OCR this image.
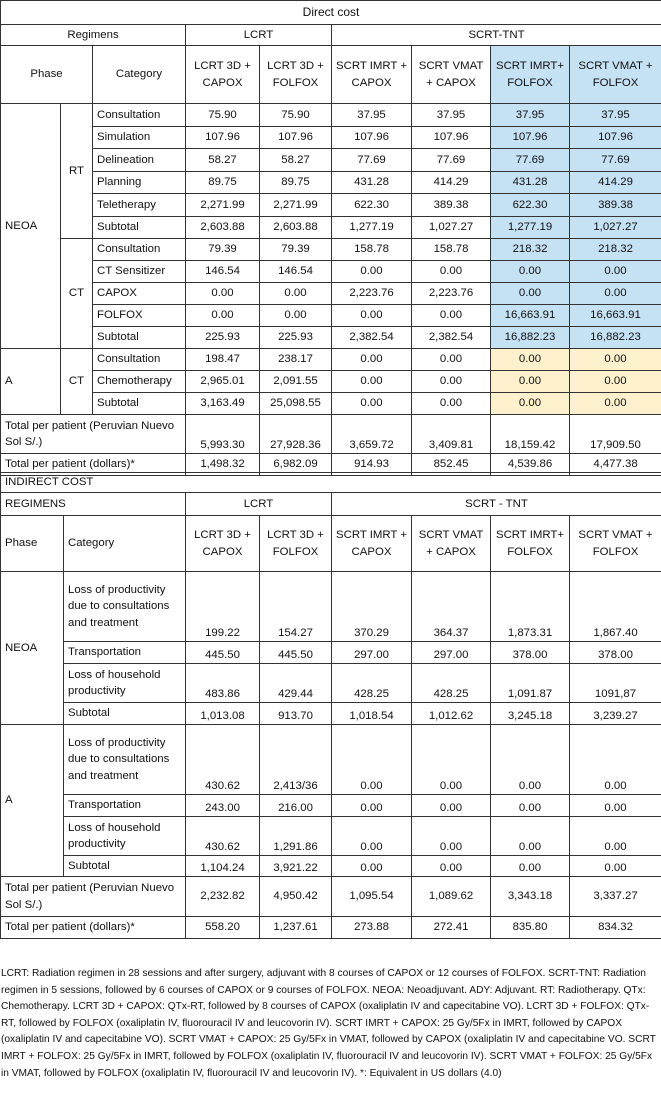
Direct cost								
Regimens			LCRT		SCRT-TNT			
Phase		Category	LCRT 3D + CAPOX	LCRT 3D + FOLFOX	SCRT IMRT + CAPOX	SCRT VMAT + CAPOX	SCRT IMRT+ FOLFOX	SCRT VMAT + FOLFOX
NEOA	RT	Consultation	75.90	75.90	37.95	37.95	37.95	37.95
		Simulation	107.96	107.96	107.96	107.96	107.96	107.96
		Delineation	58.27	58.27	77.69	77.69	77.69	77.69
		Planning	89.75	89.75	431.28	414.29	431.28	414.29
		Teletherapy	2,271.99	2,271.99	622.30	389.38	622.30	389.38
		Subtotal	2,603.88	2,603.88	1,277.19	1,027.27	1,277.19	1,027.27
	CT	Consultation	79.39	79.39	158.78	158.78	218.32	218.32
		CT Sensitizer	146.54	146.54	0.00	0.00	0.00	0.00
		CAPOX	0.00	0.00	2,223.76	2,223.76	0.00	0.00
		FOLFOX	0.00	0.00	0.00	0.00	16,663.91	16,663.91
		Subtotal	225.93	225.93	2,382.54	2,382.54	16,882.23	16,882.23
A	CT	Consultation	198.47	238.17	0.00	0.00	0.00	0.00
		Chemotherapy	2,965.01	2,091.55	0.00	0.00	0.00	0.00
		Subtotal	3,163.49	25,098.55	0.00	0.00	0.00	0.00
Total per patient (Peruvian Nuevo Sol S/.)			5,993.30	27,928.36	3,659.72	3,409.81	18,159.42	17,909.50
Total per patient (dollars)*			1,498.32	6,982.09	914.93	852.45	4,539.86	4,477.38
INDIRECT COST							
REGIMENS		LCRT		SCRT - TNT			
Phase	Category	LCRT 3D + CAPOX	LCRT 3D + FOLFOX	SCRT IMRT + CAPOX	SCRT VMAT + CAPOX	SCRT IMRT+ FOLFOX	SCRT VMAT + FOLFOX
NEOA	Loss of productivity due to consultations and treatment	199.22	154.27	370.29	364.37	1,873.31	1,867.40
	Transportation	445.50	445.50	297.00	297.00	378.00	378.00
	Loss of household productivity	483.86	429.44	428.25	428.25	1,091.87	1091,87
	Subtotal	1,013.08	913.70	1,018.54	1,012.62	3,245.18	3,239.27
A	Loss of productivity due to consultations and treatment	430.62	2,413/36	0.00	0.00	0.00	0.00
	Transportation	243.00	216.00	0.00	0.00	0.00	0.00
	Loss of household productivity	430.62	1,291.86	0.00	0.00	0.00	0.00
	Subtotal	1,104.24	3,921.22	0.00	0.00	0.00	0.00
Total per patient (Peruvian Nuevo Sol S/.)		2,232.82	4,950.42	1,095.54	1,089.62	3,343.18	3,337.27
Total per patient (dollars)*		558.20	1,237.61	273.88	272.41	835.80	834.32
LCRT: Radiation regimen in 28 sessions and after surgery, adjuvant with 8 courses of CAPOX or 12 courses of FOLFOX. SCRT-TNT: Radiation regimen in 5 sessions, followed by 6 courses of CAPOX or 9 courses of FOLFOX. NEOA: Neoadjuvant. ADY: Adjuvant. RT: Radiotherapy. QTx: Chemotherapy. LCRT 3D + CAPOX: QTx-RT, followed by 8 courses of CAPOX (oxaliplatin IV and capecitabine VO). LCRT 3D + FOLFOX: QTx-RT, followed by FOLFOX (oxaliplatin IV, fluorouracil IV and leucovorin IV). SCRT IMRT + CAPOX: 25 Gy/5Fx in IMRT, followed by CAPOX (oxaliplatin IV and capecitabine VO). SCRT VMAT + CAPOX: 25 Gy/5Fx in VMAT, followed by CAPOX (oxaliplatin IV and capecitabine VO. SCRT IMRT + FOLFOX: 25 Gy/5Fx in IMRT, followed by FOLFOX (oxaliplatin IV, fluorouracil IV and leucovorin IV). SCRT VMAT + FOLFOX: 25 Gy/5Fx in VMAT, followed by FOLFOX (oxaliplatin IV, fluorouracil IV and leucovorin IV). *: Equivalent in US dollars (4.0)
